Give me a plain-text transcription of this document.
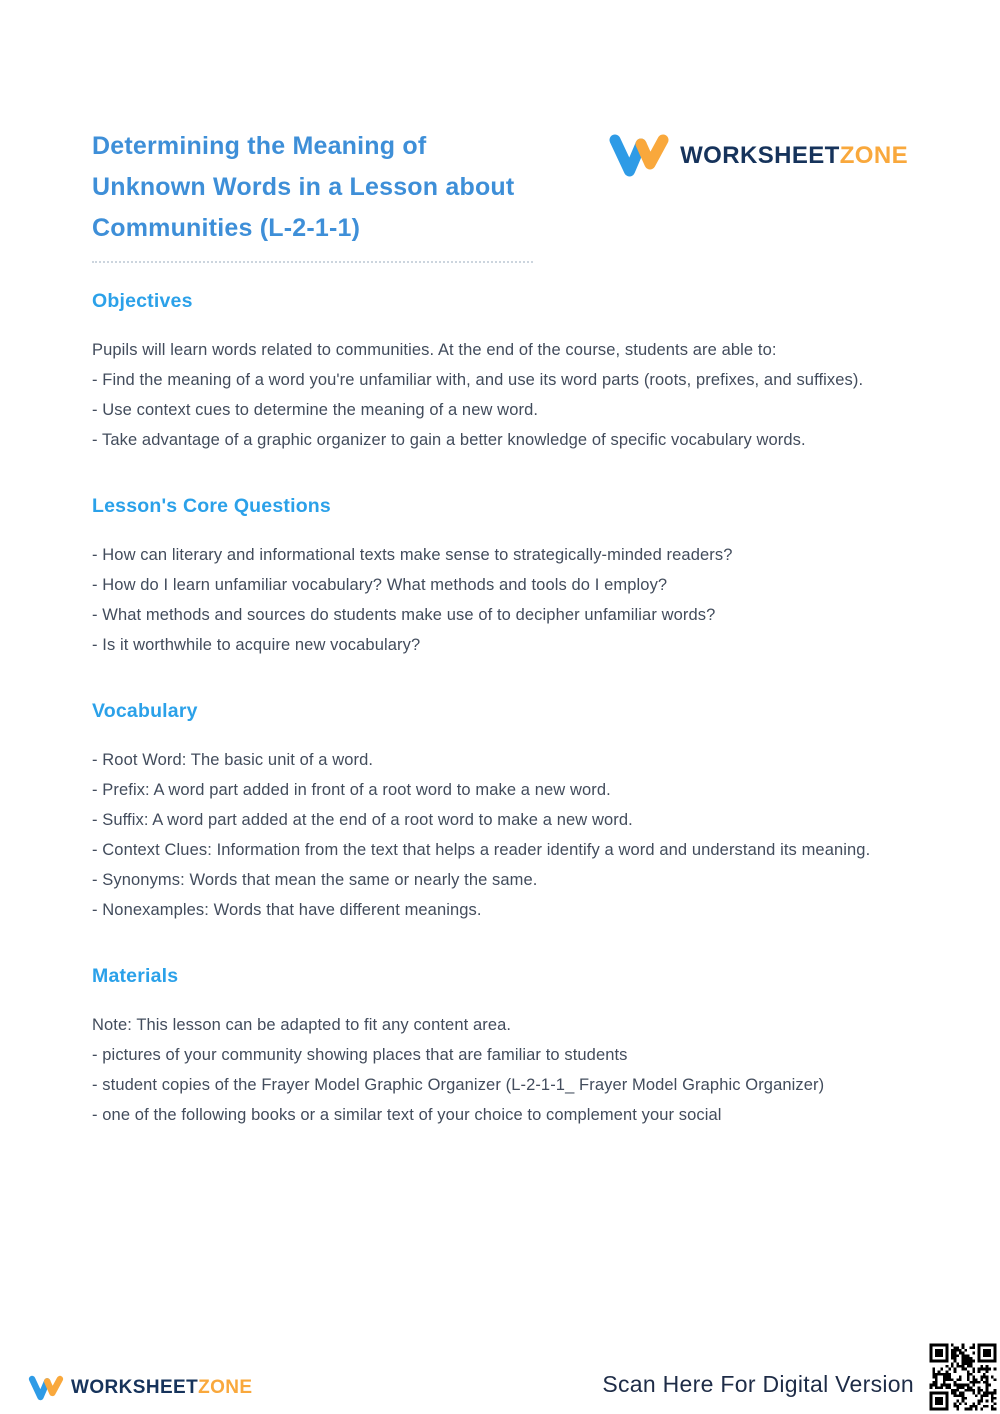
Determining the Meaning of
Unknown Words in a Lesson about
Communities (L-2-1-1)
WORKSHEETZONE
Objectives

Pupils will learn words related to communities. At the end of the course, students are able to:

- Find the meaning of a word you're unfamiliar with, and use its word parts (roots, prefixes, and suffixes).

- Use context cues to determine the meaning of a new word.

- Take advantage of a graphic organizer to gain a better knowledge of specific vocabulary words.

Lesson's Core Questions

- How can literary and informational texts make sense to strategically-minded readers?

- How do I learn unfamiliar vocabulary? What methods and tools do I employ?

- What methods and sources do students make use of to decipher unfamiliar words?

- Is it worthwhile to acquire new vocabulary?

Vocabulary

- Root Word: The basic unit of a word.

- Prefix: A word part added in front of a root word to make a new word.

- Suffix: A word part added at the end of a root word to make a new word.

- Context Clues: Information from the text that helps a reader identify a word and understand its meaning.

- Synonyms: Words that mean the same or nearly the same.

- Nonexamples: Words that have different meanings.

Materials

Note: This lesson can be adapted to fit any content area.

- pictures of your community showing places that are familiar to students

- student copies of the Frayer Model Graphic Organizer (L-2-1-1_ Frayer Model Graphic Organizer)

- one of the following books or a similar text of your choice to complement your social

WORKSHEETZONE	Scan Here For Digital Version
